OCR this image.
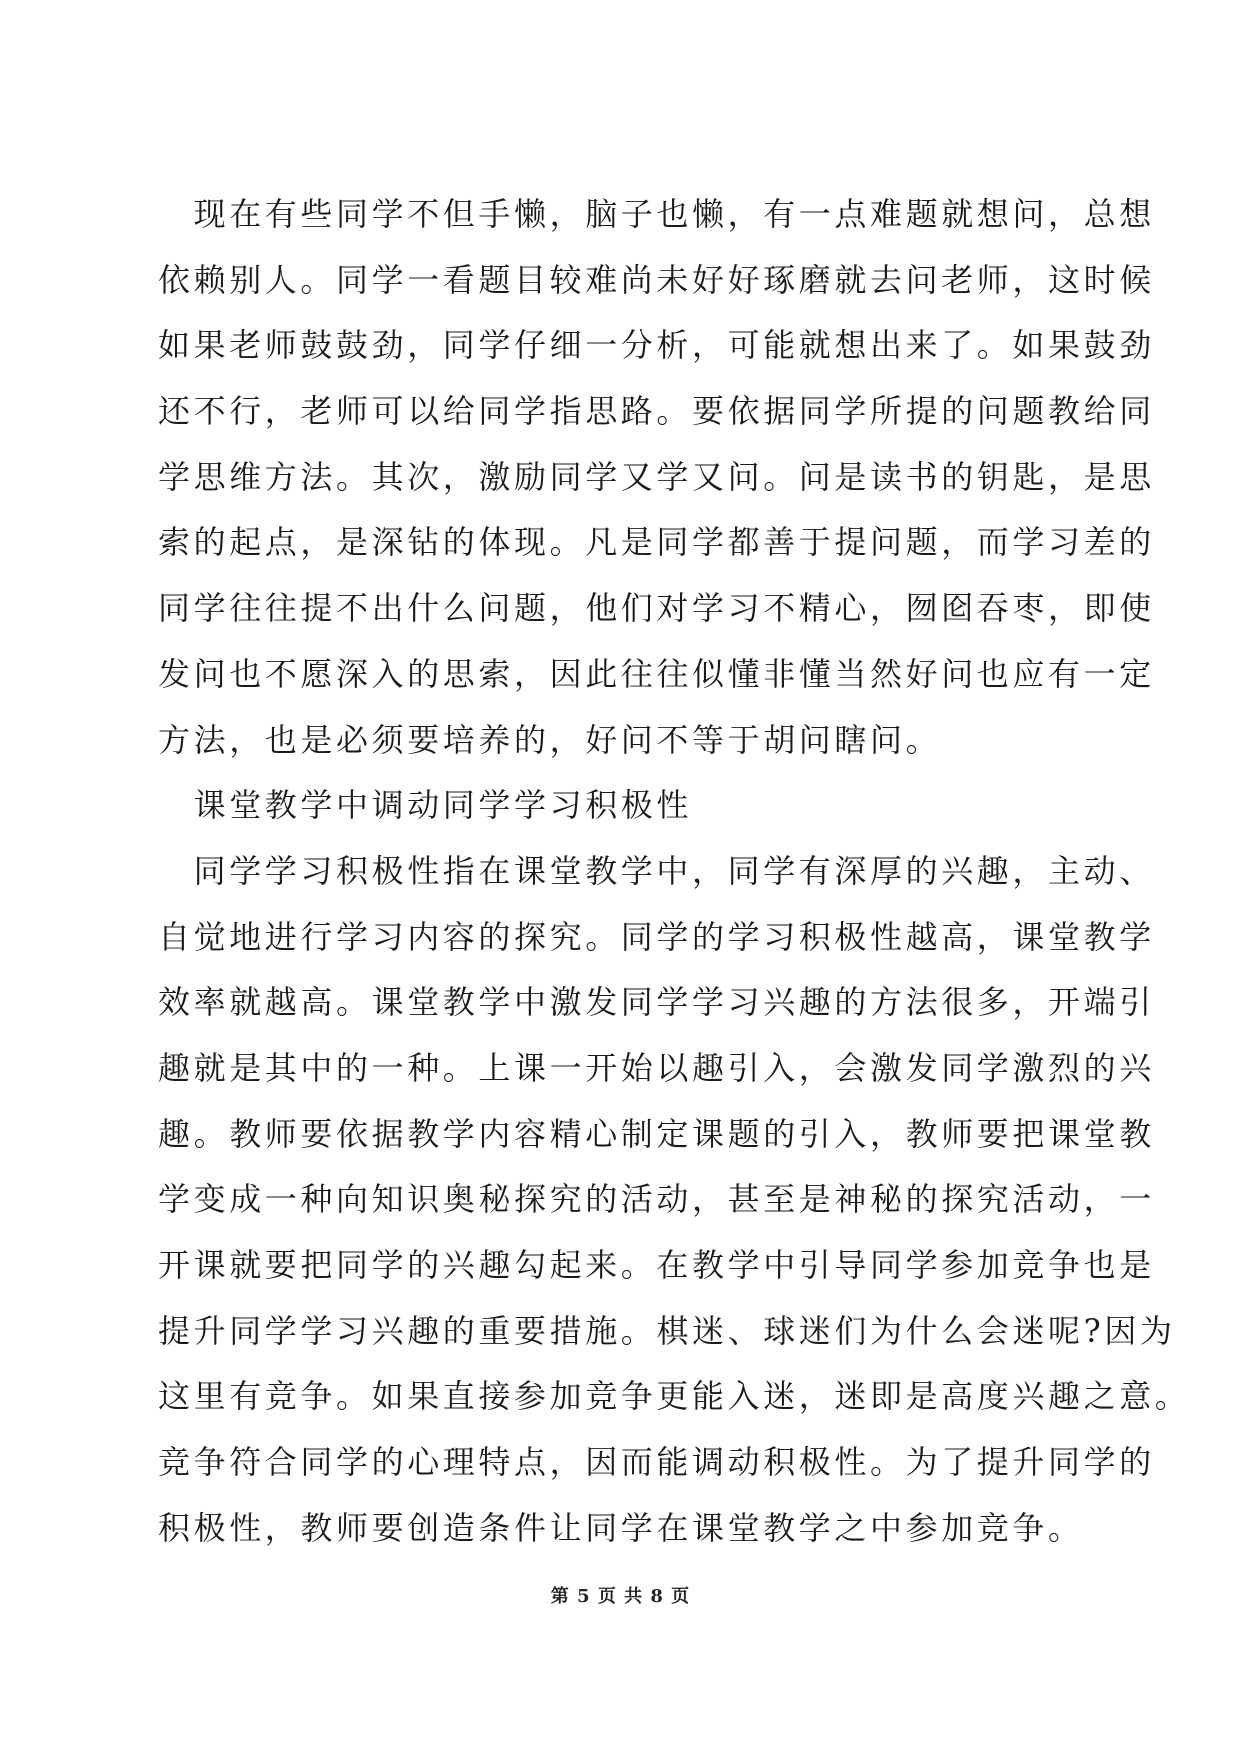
　现在有些同学不但手懒，脑子也懒，有一点难题就想问，总想
依赖别人。同学一看题目较难尚未好好琢磨就去问老师，这时候
如果老师鼓鼓劲，同学仔细一分析，可能就想出来了。如果鼓劲
还不行，老师可以给同学指思路。要依据同学所提的问题教给同
学思维方法。其次，激励同学又学又问。问是读书的钥匙，是思
索的起点，是深钻的体现。凡是同学都善于提问题，而学习差的
同学往往提不出什么问题，他们对学习不精心，囫囵吞枣，即使
发问也不愿深入的思索，因此往往似懂非懂当然好问也应有一定
方法，也是必须要培养的，好问不等于胡问瞎问。
　课堂教学中调动同学学习积极性
　同学学习积极性指在课堂教学中，同学有深厚的兴趣，主动、
自觉地进行学习内容的探究。同学的学习积极性越高，课堂教学
效率就越高。课堂教学中激发同学学习兴趣的方法很多，开端引
趣就是其中的一种。上课一开始以趣引入，会激发同学激烈的兴
趣。教师要依据教学内容精心制定课题的引入，教师要把课堂教
学变成一种向知识奥秘探究的活动，甚至是神秘的探究活动，一
开课就要把同学的兴趣勾起来。在教学中引导同学参加竞争也是
提升同学学习兴趣的重要措施。棋迷、球迷们为什么会迷呢?因为
这里有竞争。如果直接参加竞争更能入迷，迷即是高度兴趣之意。
竞争符合同学的心理特点，因而能调动积极性。为了提升同学的
积极性，教师要创造条件让同学在课堂教学之中参加竞争。
第 5 页 共 8 页
